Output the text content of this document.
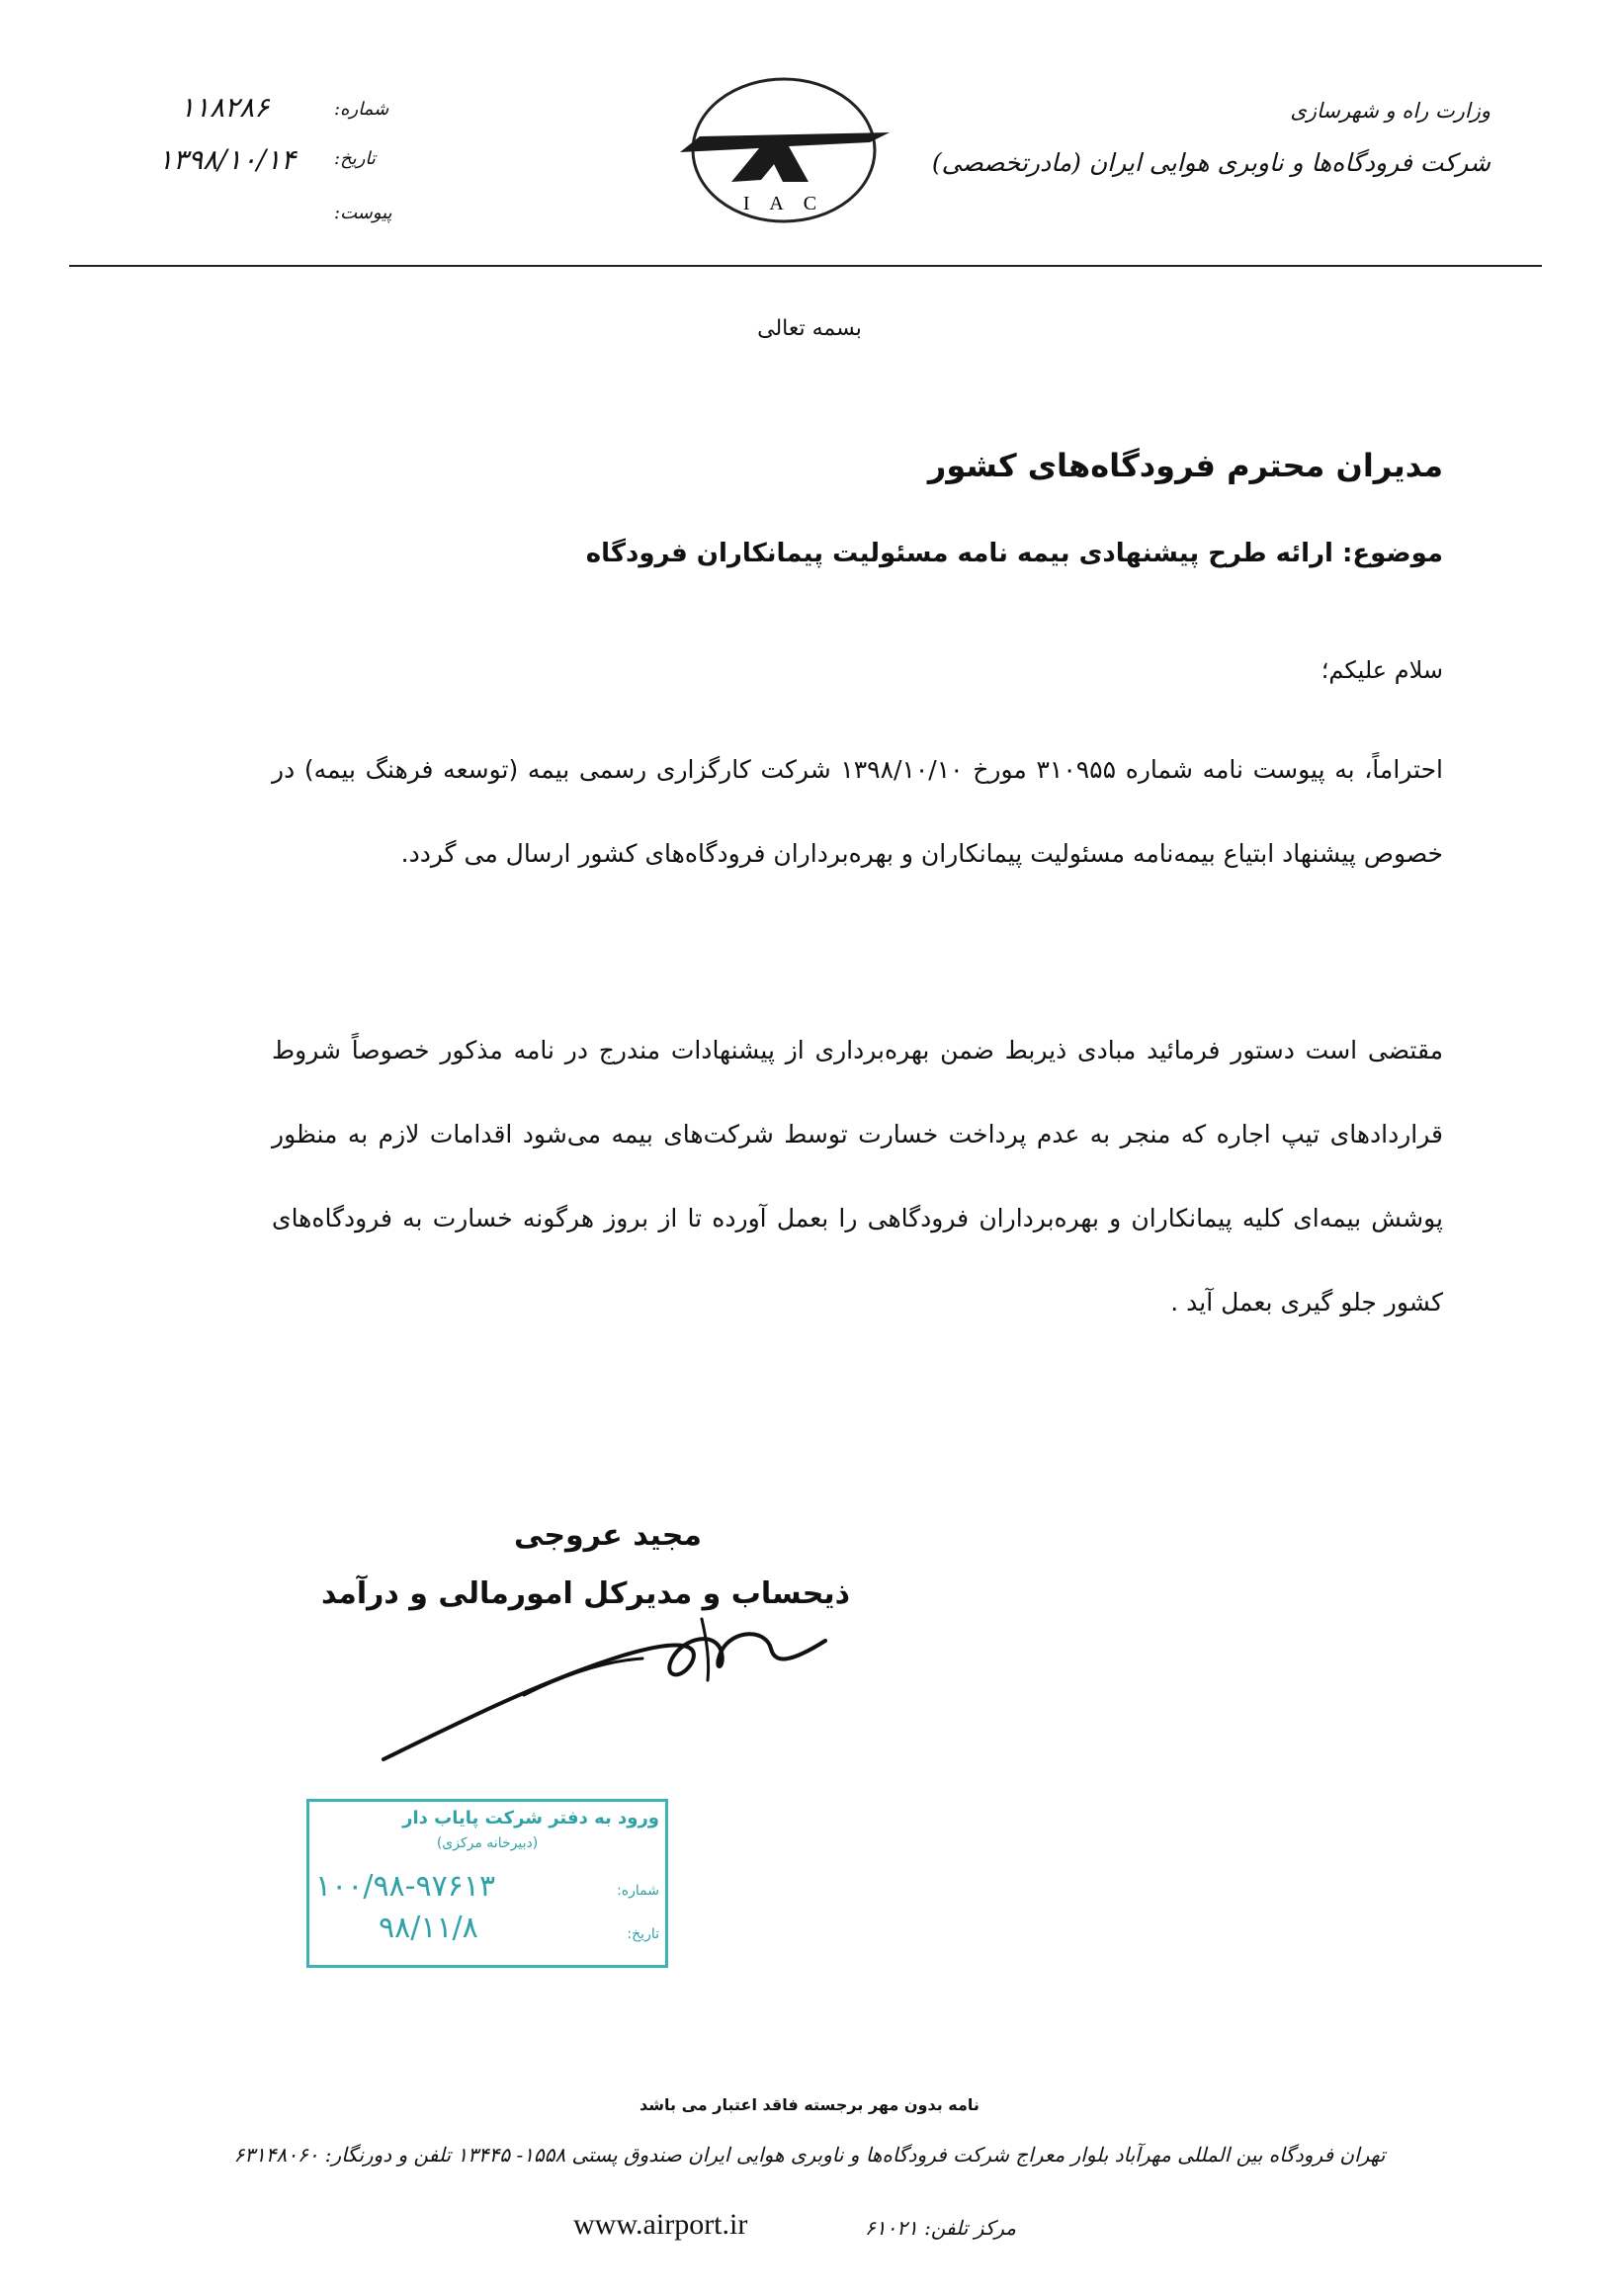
وزارت راه و شهرسازی
شرکت فرودگاه‌ها و ناوبری هوایی ایران (مادرتخصصی)
I A C
شماره:
۱۱۸۲۸۶
تاریخ:
۱۳۹۸/۱۰/۱۴
پیوست:
بسمه تعالی
مدیران محترم فرودگاه‌های کشور
موضوع: ارائه طرح پیشنهادی بیمه نامه مسئولیت پیمانکاران فرودگاه
سلام علیکم؛
احتراماً، به پیوست نامه شماره ۳۱۰۹۵۵ مورخ ۱۳۹۸/۱۰/۱۰ شرکت کارگزاری رسمی بیمه (توسعه فرهنگ بیمه) در خصوص پیشنهاد ابتیاع بیمه‌نامه مسئولیت پیمانکاران و بهره‌برداران فرودگاه‌های کشور ارسال می گردد.
مقتضی است دستور فرمائید مبادی ذیربط ضمن بهره‌برداری از پیشنهادات مندرج در نامه مذکور خصوصاً شروط قراردادهای تیپ اجاره که منجر به عدم پرداخت خسارت توسط شرکت‌های بیمه می‌شود اقدامات لازم به منظور پوشش بیمه‌ای کلیه پیمانکاران و بهره‌برداران فرودگاهی را بعمل آورده تا از بروز هرگونه خسارت به فرودگاه‌های کشور جلو گیری بعمل آید .
مجید عروجی
ذیحساب و مدیرکل امورمالی و درآمد
ورود به دفتر شرکت پایاب دار
(دبیرخانه مرکزی)
شماره:
۱۰۰/۹۸-۹۷۶۱۳
تاریخ:
۹۸/۱۱/۸
نامه بدون مهر برجسته فاقد اعتبار می باشد
تهران فرودگاه بین المللی مهرآباد بلوار معراج شرکت فرودگاه‌ها و ناوبری هوایی ایران صندوق پستی ۱۵۵۸- ۱۳۴۴۵ تلفن و دورنگار: ۶۳۱۴۸۰۶۰
مرکز تلفن: ۶۱۰۲۱
www.airport.ir
